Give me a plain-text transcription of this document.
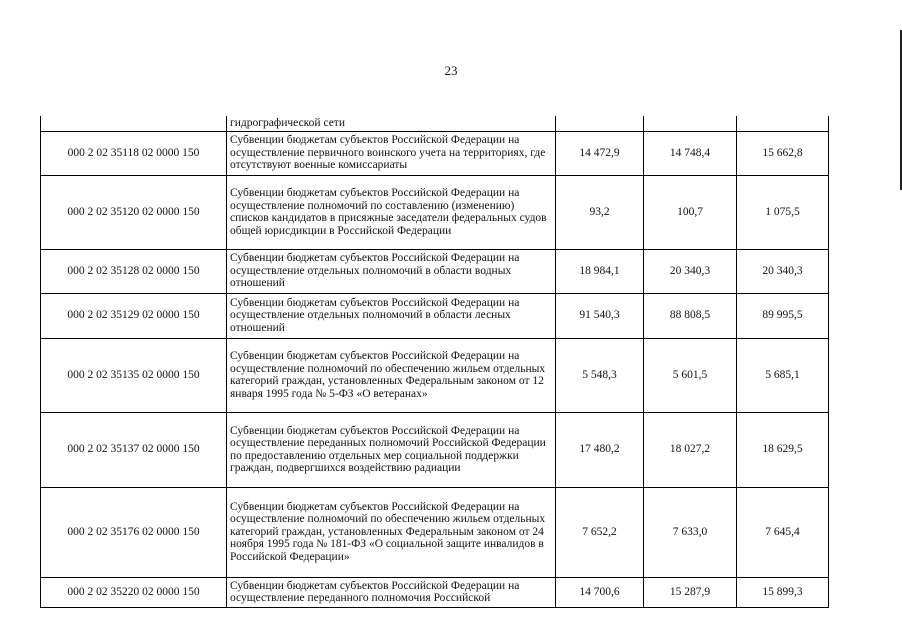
23
	гидрографической сети			
000 2 02 35118 02 0000 150	Субвенции бюджетам субъектов Российской Федерации на осуществление первичного воинского учета на территориях, где отсутствуют военные комиссариаты	14 472,9	14 748,4	15 662,8
000 2 02 35120 02 0000 150	Субвенции бюджетам субъектов Российской Федерации на осуществление полномочий по составлению (изменению) списков кандидатов в присяжные заседатели федеральных судов общей юрисдикции в Российской Федерации	93,2	100,7	1 075,5
000 2 02 35128 02 0000 150	Субвенции бюджетам субъектов Российской Федерации на осуществление отдельных полномочий в области водных отношений	18 984,1	20 340,3	20 340,3
000 2 02 35129 02 0000 150	Субвенции бюджетам субъектов Российской Федерации на осуществление отдельных полномочий в области лесных отношений	91 540,3	88 808,5	89 995,5
000 2 02 35135 02 0000 150	Субвенции бюджетам субъектов Российской Федерации на осуществление полномочий по обеспечению жильем отдельных категорий граждан, установленных Федеральным законом от 12 января 1995 года № 5-ФЗ «О ветеранах»	5 548,3	5 601,5	5 685,1
000 2 02 35137 02 0000 150	Субвенции бюджетам субъектов Российской Федерации на осуществление переданных полномочий Российской Федерации по предоставлению отдельных мер социальной поддержки граждан, подвергшихся воздействию радиации	17 480,2	18 027,2	18 629,5
000 2 02 35176 02 0000 150	Субвенции бюджетам субъектов Российской Федерации на осуществление полномочий по обеспечению жильем отдельных категорий граждан, установленных Федеральным законом от 24 ноября 1995 года № 181-ФЗ «О социальной защите инвалидов в Российской Федерации»	7 652,2	7 633,0	7 645,4
000 2 02 35220 02 0000 150	Субвенции бюджетам субъектов Российской Федерации на осуществление переданного полномочия Российской	14 700,6	15 287,9	15 899,3
